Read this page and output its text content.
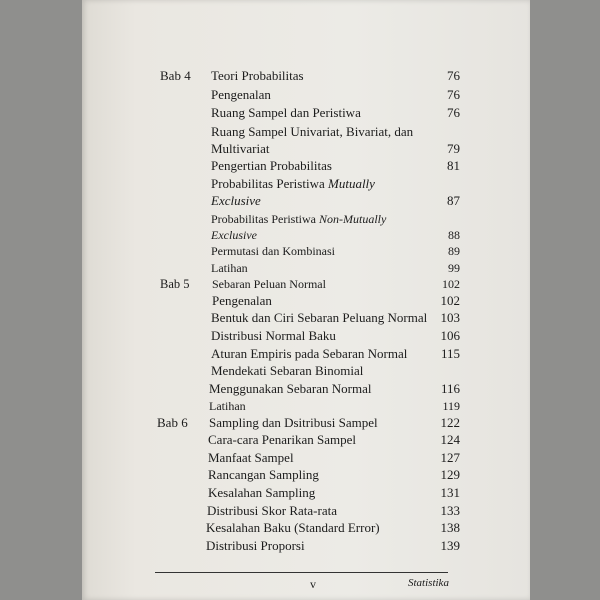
Bab 4 Teori Probabilitas	76
Pengenalan	76
Ruang Sampel dan Peristiwa	76
Ruang Sampel Univariat, Bivariat, dan
Multivariat	79
Pengertian Probabilitas	81
Probabilitas Peristiwa Mutually
Exclusive	87
Probabilitas Peristiwa Non-Mutually
Exclusive	88
Permutasi dan Kombinasi	89
Latihan	99
Bab 5 Sebaran Peluan Normal	102
Pengenalan	102
Bentuk dan Ciri Sebaran Peluang Normal	103
Distribusi Normal Baku	106
Aturan Empiris pada Sebaran Normal	115
Mendekati Sebaran Binomial
Menggunakan Sebaran Normal	116
Latihan	119
Bab 6 Sampling dan Dsitribusi Sampel	122
Cara-cara Penarikan Sampel	124
Manfaat Sampel	127
Rancangan Sampling	129
Kesalahan Sampling	131
Distribusi Skor Rata-rata	133
Kesalahan Baku (Standard Error)	138
Distribusi Proporsi	139
v	Statistika
